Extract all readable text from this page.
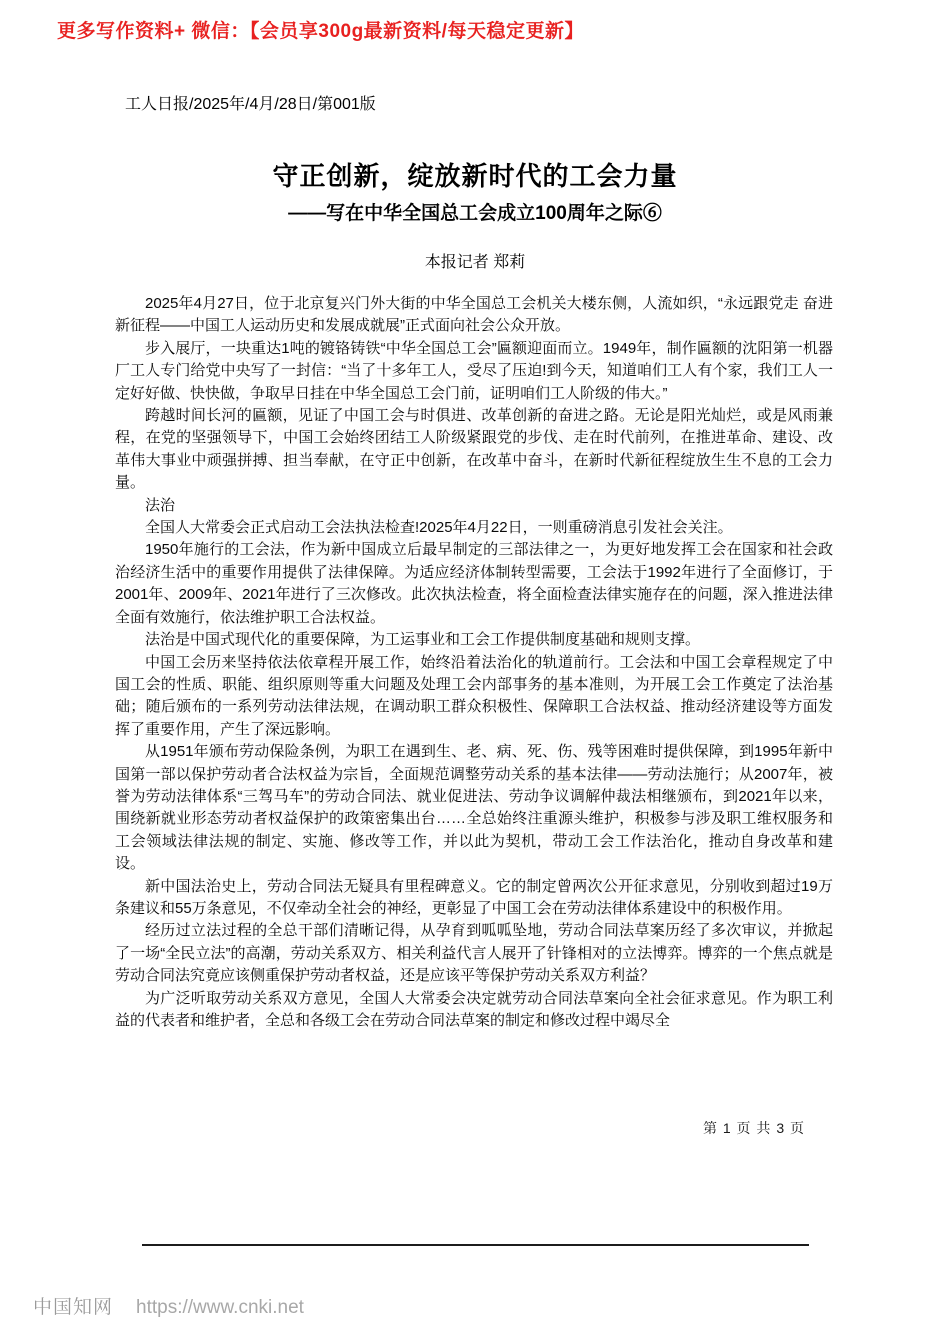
更多写作资料+ 微信：【会员享300g最新资料/每天稳定更新】
工人日报/2025年/4月/28日/第001版
守正创新，绽放新时代的工会力量
——写在中华全国总工会成立100周年之际⑥
本报记者 郑莉

2025年4月27日，位于北京复兴门外大街的中华全国总工会机关大楼东侧，人流如织，“永远跟党走 奋进新征程——中国工人运动历史和发展成就展”正式面向社会公众开放。

步入展厅，一块重达1吨的镀铬铸铁“中华全国总工会”匾额迎面而立。1949年，制作匾额的沈阳第一机器厂工人专门给党中央写了一封信：“当了十多年工人，受尽了压迫!到今天，知道咱们工人有个家，我们工人一定好好做、快快做，争取早日挂在中华全国总工会门前，证明咱们工人阶级的伟大。”

跨越时间长河的匾额，见证了中国工会与时俱进、改革创新的奋进之路。无论是阳光灿烂，或是风雨兼程，在党的坚强领导下，中国工会始终团结工人阶级紧跟党的步伐、走在时代前列，在推进革命、建设、改革伟大事业中顽强拼搏、担当奉献，在守正中创新，在改革中奋斗，在新时代新征程绽放生生不息的工会力量。

法治

全国人大常委会正式启动工会法执法检查!2025年4月22日，一则重磅消息引发社会关注。

1950年施行的工会法，作为新中国成立后最早制定的三部法律之一，为更好地发挥工会在国家和社会政治经济生活中的重要作用提供了法律保障。为适应经济体制转型需要，工会法于1992年进行了全面修订，于2001年、2009年、2021年进行了三次修改。此次执法检查，将全面检查法律实施存在的问题，深入推进法律全面有效施行，依法维护职工合法权益。

法治是中国式现代化的重要保障，为工运事业和工会工作提供制度基础和规则支撑。

中国工会历来坚持依法依章程开展工作，始终沿着法治化的轨道前行。工会法和中国工会章程规定了中国工会的性质、职能、组织原则等重大问题及处理工会内部事务的基本准则，为开展工会工作奠定了法治基础；随后颁布的一系列劳动法律法规，在调动职工群众积极性、保障职工合法权益、推动经济建设等方面发挥了重要作用，产生了深远影响。

从1951年颁布劳动保险条例，为职工在遇到生、老、病、死、伤、残等困难时提供保障，到1995年新中国第一部以保护劳动者合法权益为宗旨，全面规范调整劳动关系的基本法律——劳动法施行；从2007年，被誉为劳动法律体系“三驾马车”的劳动合同法、就业促进法、劳动争议调解仲裁法相继颁布，到2021年以来，围绕新就业形态劳动者权益保护的政策密集出台……全总始终注重源头维护，积极参与涉及职工维权服务和工会领域法律法规的制定、实施、修改等工作，并以此为契机，带动工会工作法治化，推动自身改革和建设。

新中国法治史上，劳动合同法无疑具有里程碑意义。它的制定曾两次公开征求意见，分别收到超过19万条建议和55万条意见，不仅牵动全社会的神经，更彰显了中国工会在劳动法律体系建设中的积极作用。

经历过立法过程的全总干部们清晰记得，从孕育到呱呱坠地，劳动合同法草案历经了多次审议，并掀起了一场“全民立法”的高潮，劳动关系双方、相关利益代言人展开了针锋相对的立法博弈。博弈的一个焦点就是劳动合同法究竟应该侧重保护劳动者权益，还是应该平等保护劳动关系双方利益？

为广泛听取劳动关系双方意见，全国人大常委会决定就劳动合同法草案向全社会征求意见。作为职工利益的代表者和维护者，全总和各级工会在劳动合同法草案的制定和修改过程中竭尽全

第 1 页 共 3 页
中国知网 https://www.cnki.net
